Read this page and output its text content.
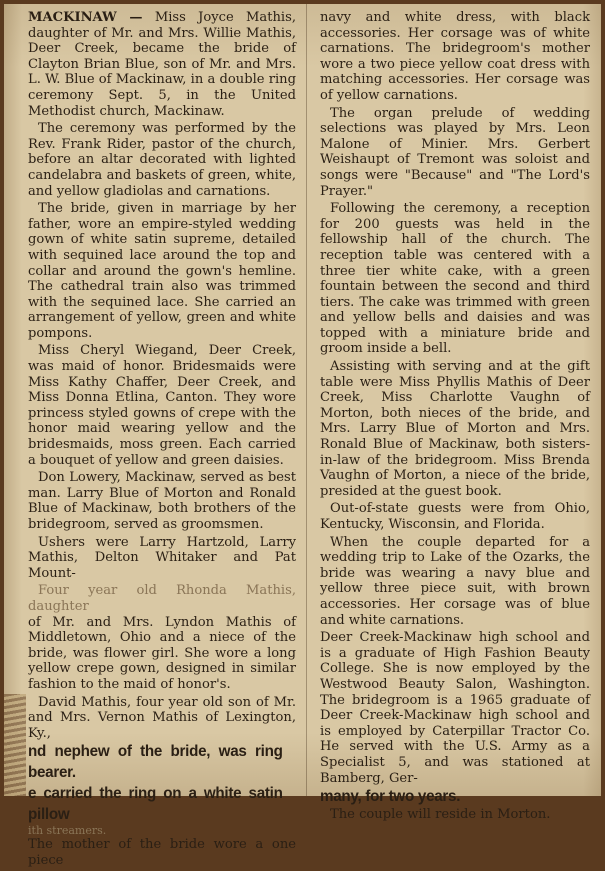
MACKINAW — Miss Joyce Mathis, daughter of Mr. and Mrs. Willie Mathis, Deer Creek, became the bride of Clayton Brian Blue, son of Mr. and Mrs. L. W. Blue of Mackinaw, in a double ring ceremony Sept. 5, in the United Methodist church, Mackinaw.

The ceremony was performed by the Rev. Frank Rider, pastor of the church, before an altar decorated with lighted candelabra and baskets of green, white, and yellow gladiolas and carnations.

The bride, given in marriage by her father, wore an empire-styled wedding gown of white satin supreme, detailed with sequined lace around the top and collar and around the gown's hemline. The cathedral train also was trimmed with the sequined lace. She carried an arrangement of yellow, green and white pompons.

Miss Cheryl Wiegand, Deer Creek, was maid of honor. Bridesmaids were Miss Kathy Chaffer, Deer Creek, and Miss Donna Etlina, Canton. They wore princess styled gowns of crepe with the honor maid wearing yellow and the bridesmaids, moss green. Each carried a bouquet of yellow and green daisies.

Don Lowery, Mackinaw, served as best man. Larry Blue of Morton and Ronald Blue of Mackinaw, both brothers of the bridegroom, served as groomsmen.

Ushers were Larry Hartzold, Larry Mathis, Delton Whitaker and Pat Mount-

Four year old Rhonda Mathis, daughter

of Mr. and Mrs. Lyndon Mathis of Middletown, Ohio and a niece of the bride, was flower girl. She wore a long yellow crepe gown, designed in similar fashion to the maid of honor's.

David Mathis, four year old son of Mr. and Mrs. Vernon Mathis of Lexington, Ky.,

nd nephew of the bride, was ring bearer.

e carried the ring on a white satin pillow

ith streamers.

The mother of the bride wore a one piece

navy and white dress, with black accessories. Her corsage was of white carnations. The bridegroom's mother wore a two piece yellow coat dress with matching accessories. Her corsage was of yellow carnations.

The organ prelude of wedding selections was played by Mrs. Leon Malone of Minier. Mrs. Gerbert Weishaupt of Tremont was soloist and songs were "Because" and "The Lord's Prayer."

Following the ceremony, a reception for 200 guests was held in the fellowship hall of the church. The reception table was centered with a three tier white cake, with a green fountain between the second and third tiers. The cake was trimmed with green and yellow bells and daisies and was topped with a miniature bride and groom inside a bell.

Assisting with serving and at the gift table were Miss Phyllis Mathis of Deer Creek, Miss Charlotte Vaughn of Morton, both nieces of the bride, and Mrs. Larry Blue of Morton and Mrs. Ronald Blue of Mackinaw, both sisters-in-law of the bridegroom. Miss Brenda Vaughn of Morton, a niece of the bride, presided at the guest book.

Out-of-state guests were from Ohio, Kentucky, Wisconsin, and Florida.

When the couple departed for a wedding trip to Lake of the Ozarks, the bride was wearing a navy blue and yellow three piece suit, with brown accessories. Her corsage was of blue and white carnations.

Deer Creek-Mackinaw high school and is a graduate of High Fashion Beauty College. She is now employed by the Westwood Beauty Salon, Washington. The bridegroom is a 1965 graduate of Deer Creek-Mackinaw high school and is employed by Caterpillar Tractor Co. He served with the U.S. Army as a Specialist 5, and was stationed at Bamberg, Ger-

many, for two years.

The couple will reside in Morton.
